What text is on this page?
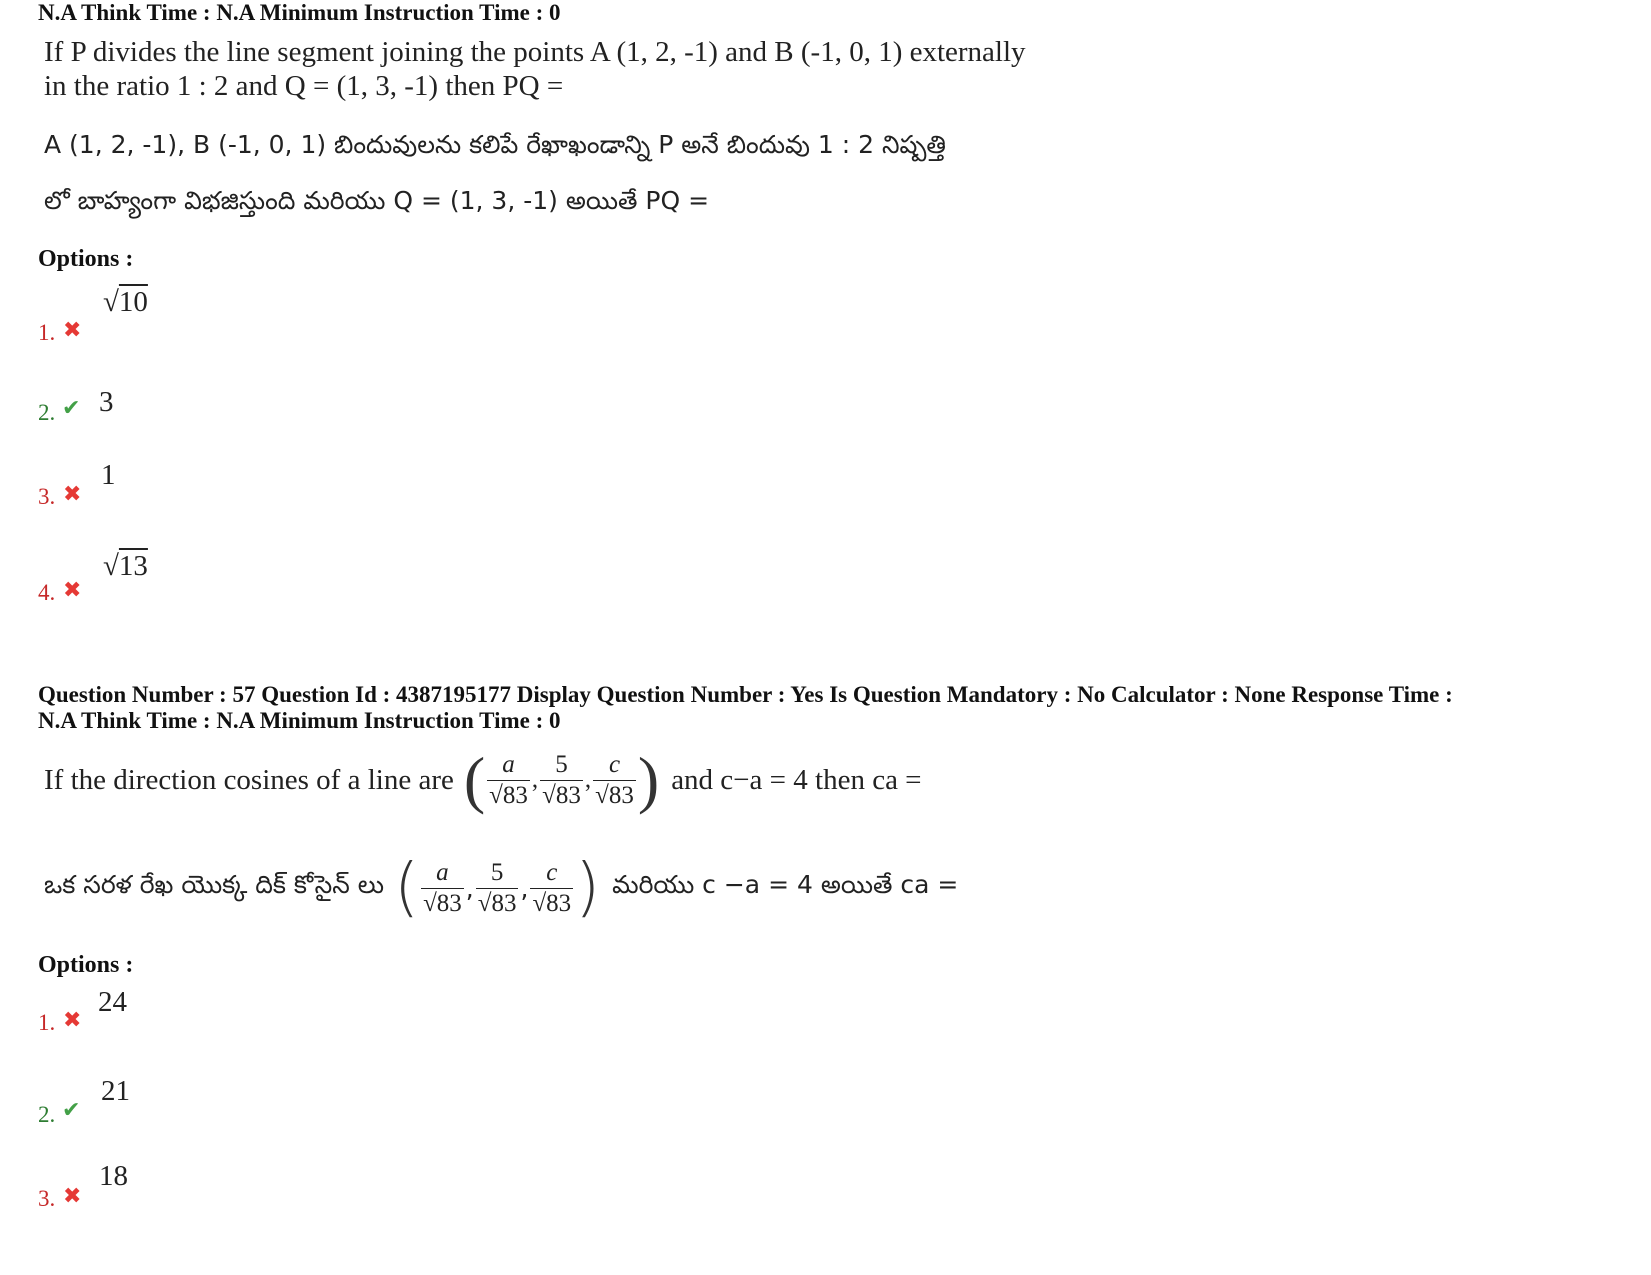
N.A Think Time : N.A Minimum Instruction Time : 0
If P divides the line segment joining the points A (1, 2, -1) and B (-1, 0, 1) externally
in the ratio 1 : 2 and Q = (1, 3, -1) then PQ =
A (1, 2, -1), B (-1, 0, 1) బిందువులను కలిపే రేఖాఖండాన్ని P అనే బిందువు 1 : 2 నిష్పత్తి
లో బాహ్యంగా విభజిస్తుంది మరియు Q = (1, 3, -1) అయితే PQ =
Options :
1. ✖
√10
2. ✔ 3
3. ✖
1
4. ✖
√13
Question Number : 57 Question Id : 4387195177 Display Question Number : Yes Is Question Mandatory : No Calculator : None Response Time :
N.A Think Time : N.A Minimum Instruction Time : 0
If the direction cosines of a line are ( $\frac{a}{√83}$ , $\frac{5}{√83}$ , $\frac{c}{√83}$ ) and c−a = 4 then ca =
ఒక సరళ రేఖ యొక్క దిక్ కోసైన్ లు ( $\frac{a}{√83}$ , $\frac{5}{√83}$ , $\frac{c}{√83}$ ) మరియు c −a = 4 అయితే ca =
Options :
1. ✖
24
2. ✔
21
3. ✖
18
